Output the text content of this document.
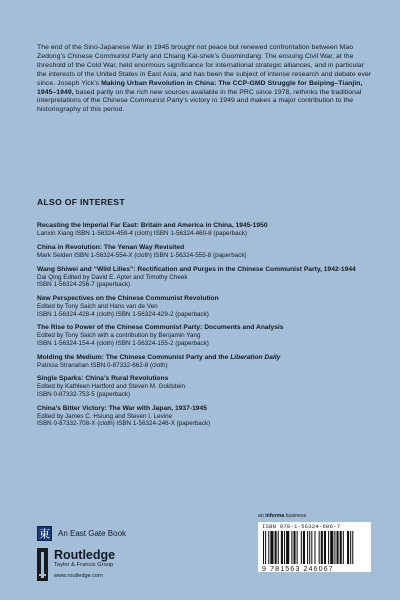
The end of the Sino-Japanese War in 1945 brought not peace but renewed confrontation between Mao Zedong’s Chinese Communist Party and Chiang Kai-shek’s Guomindang. The ensuing Civil War, at the threshold of the Cold War, held enormous significance for international strategic alliances, and in particular the interests of the United States in East Asia, and has been the subject of intense research and debate ever since. Joseph Yick’s Making Urban Revolution in China: The CCP-GMD Struggle for Beiping–Tianjin, 1945–1949, based partly on the rich new sources available in the PRC since 1978, rethinks the traditional interpretations of the Chinese Communist Party’s victory in 1949 and makes a major contribution to the historiography of this period.

ALSO OF INTEREST
Recasting the Imperial Far East: Britain and America in China, 1945-1950
Lanxin Xiang ISBN 1-56324-459-4 (cloth) ISBN 1-56324-460-8 (paperback)
China in Revolution: The Yenan Way Revisited
Mark Selden ISBN 1-56324-554-X (cloth) ISBN 1-56324-555-8 (paperback)
Wang Shiwei and “Wild Lilies”: Rectification and Purges in the Chinese Communist Party, 1942-1944
Dai Qing Edited by David E. Apter and Timothy Cheek
ISBN 1-56324-256-7 (paperback)
New Perspectives on the Chinese Communist Revolution
Edited by Tony Saich and Hans van de Ven
ISBN 1-56324-428-4 (cloth) ISBN 1-56324-429-2 (paperback)
The Rise to Power of the Chinese Communist Party: Documents and Analysis
Edited by Tony Saich with a contribution by Benjamin Yang
ISBN 1-56324-154-4 (cloth) ISBN 1-56324-155-2 (paperback)
Molding the Medium: The Chinese Communist Party and the Liberation Daily
Patricia Stranahan ISBN 0-87332-662-8 (cloth)
Single Sparks: China’s Rural Revolutions
Edited by Kathleen Hartford and Steven M. Goldstein
ISBN 0-87332-753-5 (paperback)
China’s Bitter Victory: The War with Japan, 1937-1945
Edited by James C. Hsiung and Steven I. Levine
ISBN 0-87332-708-X (cloth) ISBN 1-56324-246-X (paperback)
東 An East Gate Book
Routledge
Taylor & Francis Group
www.routledge.com
an informa business
ISBN 978-1-56324-606-7
9 781563 246067
